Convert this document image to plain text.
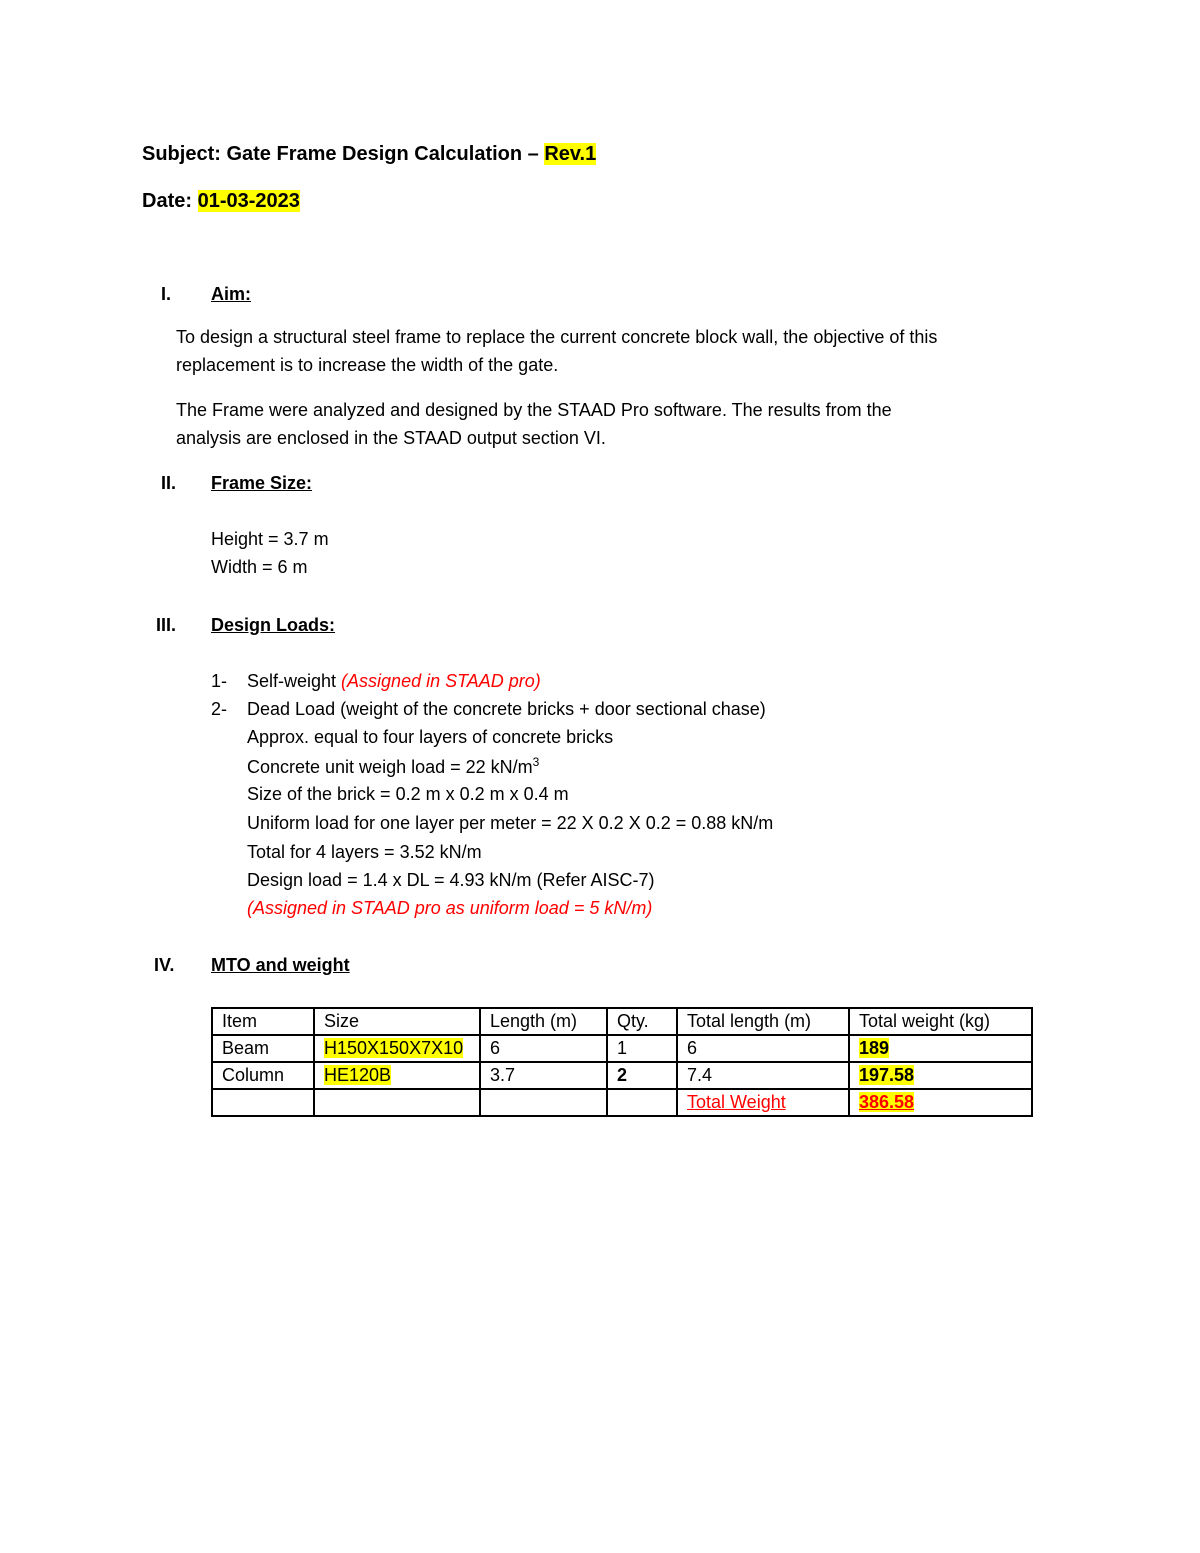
Subject: Gate Frame Design Calculation – Rev.1
Date: 01-03-2023
I. Aim:
To design a structural steel frame to replace the current concrete block wall, the objective of this
replacement is to increase the width of the gate.
The Frame were analyzed and designed by the STAAD Pro software. The results from the
analysis are enclosed in the STAAD output section VI.
II. Frame Size:
Height = 3.7 m
Width = 6 m
III. Design Loads:
1- Self-weight (Assigned in STAAD pro)
2- Dead Load (weight of the concrete bricks + door sectional chase)
Approx. equal to four layers of concrete bricks
Concrete unit weigh load = 22 $kN/m^3$
Size of the brick = 0.2 m x 0.2 m x 0.4 m
Uniform load for one layer per meter = 22 X 0.2 X 0.2 = 0.88 kN/m
Total for 4 layers = 3.52 kN/m
Design load = 1.4 x DL = 4.93 kN/m (Refer AISC-7)
(Assigned in STAAD pro as uniform load = 5 kN/m)
IV. MTO and weight
Item	Size	Length (m)	Qty.	Total length (m)	Total weight (kg)
Beam	H150X150X7X10	6	1	6	189
Column	HE120B	3.7	2	7.4	197.58
				Total Weight	386.58
